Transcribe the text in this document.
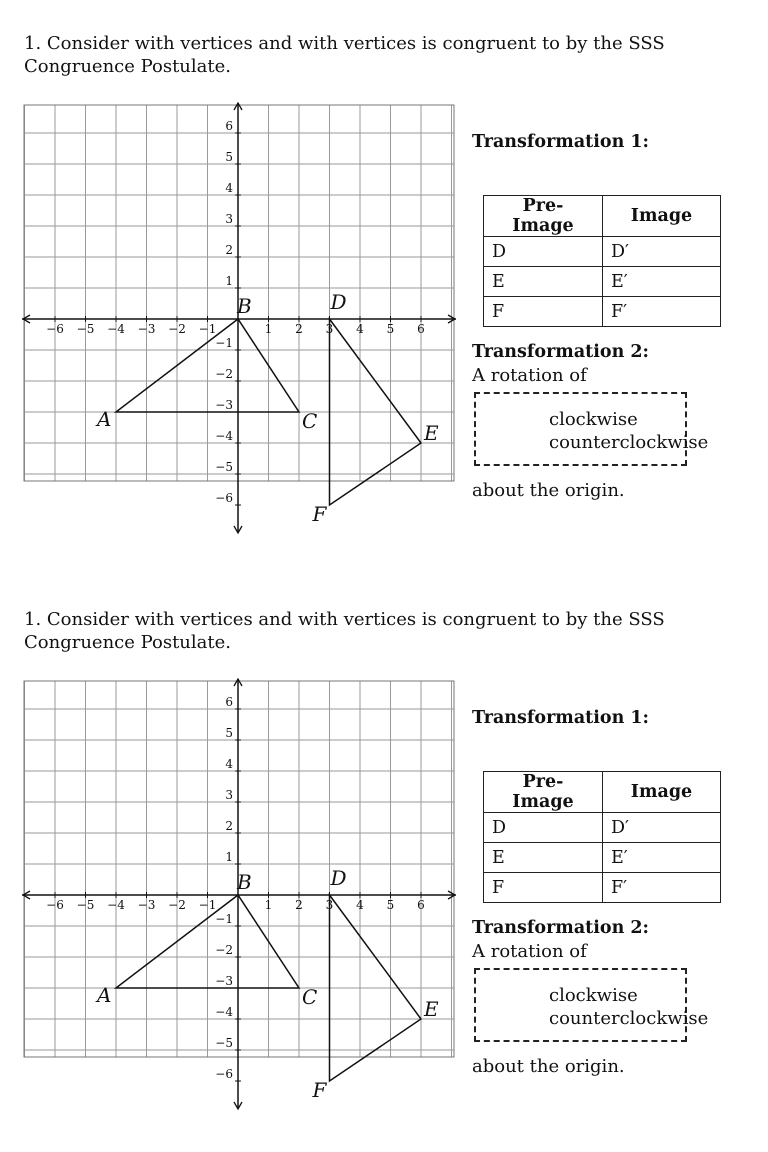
1. Consider with vertices and with vertices is congruent to by the SSS Congruence Postulate.
−6 −5 −4 −3 −2 −1	1 2 3 4 5 6
6
5
4
3
2
1
−1
−2
−3
−4
−5
−6
A
B
C
D
E
F
Transformation 1:
Pre-Image	Image
D	D′
E	E′
F	F′
Transformation 2:
A rotation of
clockwise
counterclockwise
about the origin.
1. Consider with vertices and with vertices is congruent to by the SSS Congruence Postulate.
−6 −5 −4 −3 −2 −1	1 2 3 4 5 6
6
5
4
3
2
1
−1
−2
−3
−4
−5
−6
A
B
C
D
E
F
Transformation 1:
Pre-Image	Image
D	D′
E	E′
F	F′
Transformation 2:
A rotation of
clockwise
counterclockwise
about the origin.
